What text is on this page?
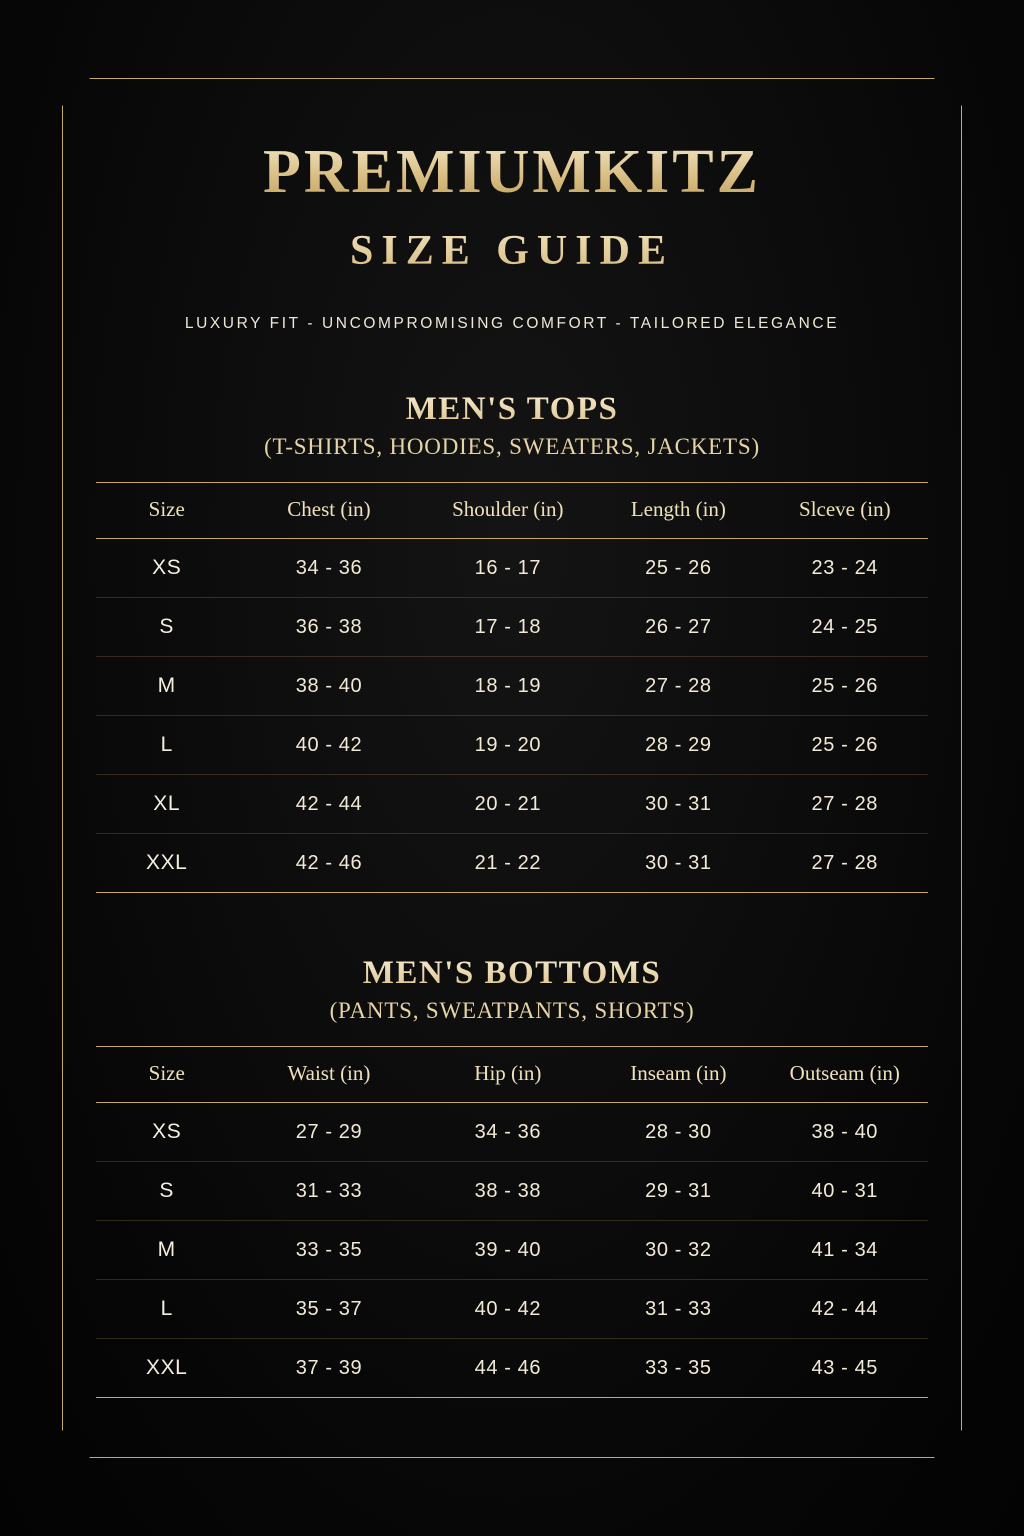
PREMIUMKITZ
SIZE GUIDE

LUXURY FIT - UNCOMPROMISING COMFORT - TAILORED ELEGANCE

MEN'S TOPS

(T-SHIRTS, HOODIES, SWEATERS, JACKETS)

Size	Chest (in)	Shoulder (in)	Length (in)	Slceve (in)
XS	34 - 36	16 - 17	25 - 26	23 - 24
S	36 - 38	17 - 18	26 - 27	24 - 25
M	38 - 40	18 - 19	27 - 28	25 - 26
L	40 - 42	19 - 20	28 - 29	25 - 26
XL	42 - 44	20 - 21	30 - 31	27 - 28
XXL	42 - 46	21 - 22	30 - 31	27 - 28
MEN'S BOTTOMS

(PANTS, SWEATPANTS, SHORTS)

Size	Waist (in)	Hip (in)	Inseam (in)	Outseam (in)
XS	27 - 29	34 - 36	28 - 30	38 - 40
S	31 - 33	38 - 38	29 - 31	40 - 31
M	33 - 35	39 - 40	30 - 32	41 - 34
L	35 - 37	40 - 42	31 - 33	42 - 44
XXL	37 - 39	44 - 46	33 - 35	43 - 45
